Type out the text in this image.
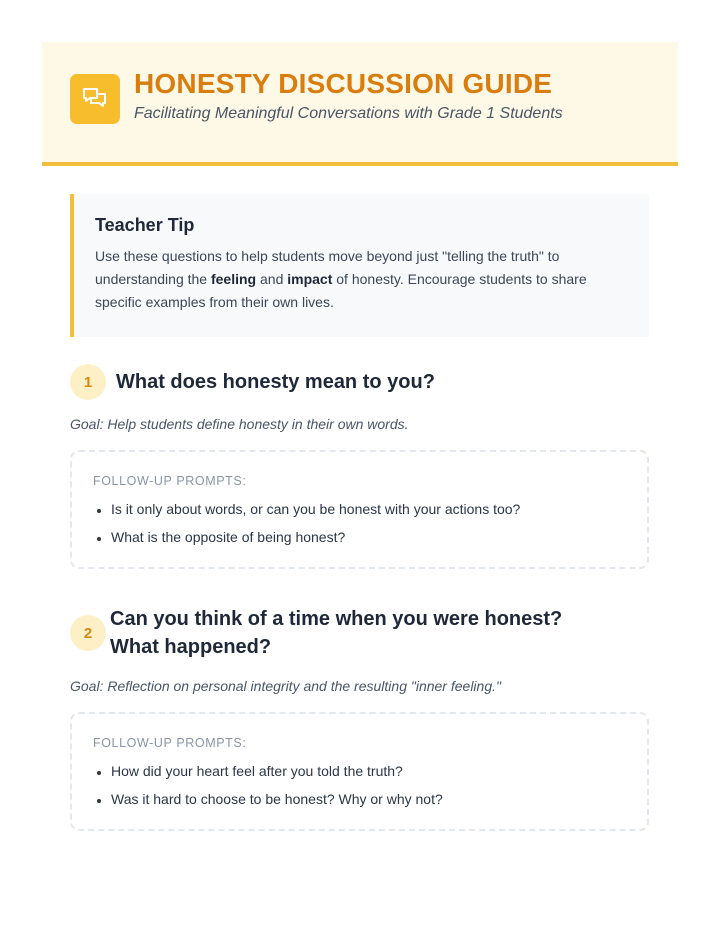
HONESTY DISCUSSION GUIDE

Facilitating Meaningful Conversations with Grade 1 Students

Teacher Tip

Use these questions to help students move beyond just "telling the truth" to understanding the feeling and impact of honesty. Encourage students to share specific examples from their own lives.

1	What does honesty mean to you?

Goal: Help students define honesty in their own words.

FOLLOW-UP PROMPTS:

• Is it only about words, or can you be honest with your actions too?
• What is the opposite of being honest?
2
Can you think of a time when you were honest?
What happened?

Goal: Reflection on personal integrity and the resulting "inner feeling."

FOLLOW-UP PROMPTS:

• How did your heart feel after you told the truth?
• Was it hard to choose to be honest? Why or why not?
